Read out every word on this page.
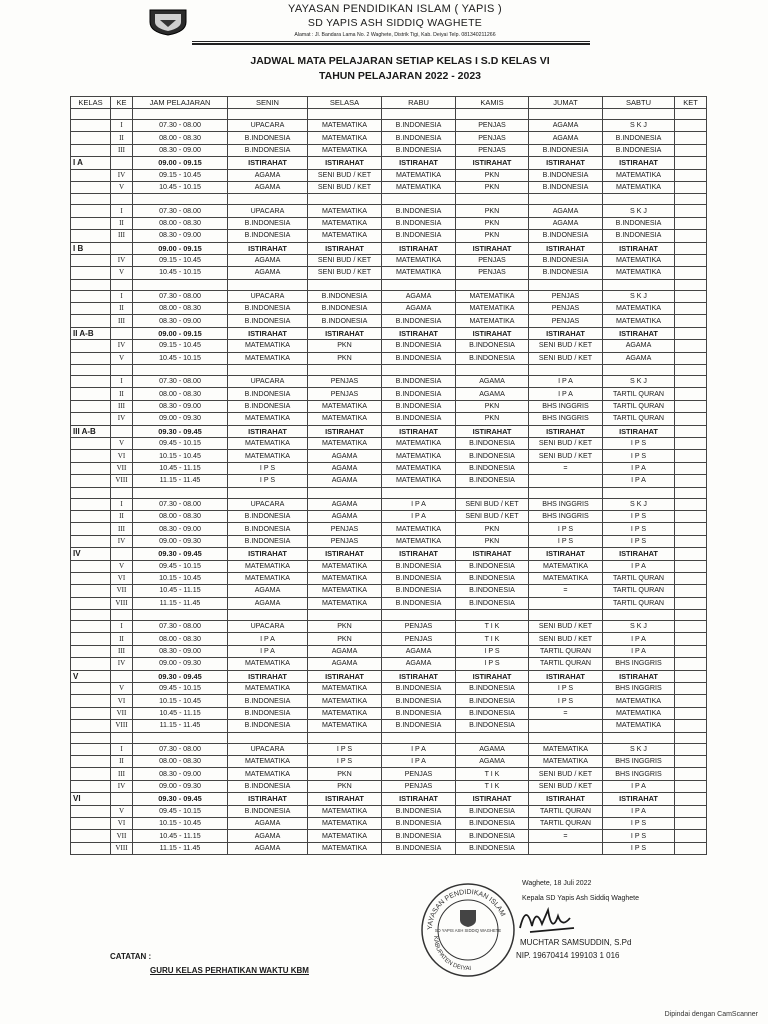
YAYASAN PENDIDIKAN ISLAM ( YAPIS )
SD YAPIS ASH SIDDIQ WAGHETE
Alamat : Jl. Bandara Lama No. 2 Waghete, Distrik Tigi, Kab. Deiyai Telp. 081340211266
JADWAL MATA PELAJARAN SETIAP KELAS I S.D KELAS VI
TAHUN PELAJARAN 2022 - 2023
KELAS	KE	JAM PELAJARAN	SENIN	SELASA	RABU	KAMIS	JUMAT	SABTU	KET

	I	07.30 - 08.00	UPACARA	MATEMATIKA	B.INDONESIA	PENJAS	AGAMA	S K J	
	II	08.00 - 08.30	B.INDONESIA	MATEMATIKA	B.INDONESIA	PENJAS	AGAMA	B.INDONESIA	
	III	08.30 - 09.00	B.INDONESIA	MATEMATIKA	B.INDONESIA	PENJAS	B.INDONESIA	B.INDONESIA	
I A		09.00 - 09.15	ISTIRAHAT	ISTIRAHAT	ISTIRAHAT	ISTIRAHAT	ISTIRAHAT	ISTIRAHAT	
	IV	09.15 - 10.45	AGAMA	SENI BUD / KET	MATEMATIKA	PKN	B.INDONESIA	MATEMATIKA	
	V	10.45 - 10.15	AGAMA	SENI BUD / KET	MATEMATIKA	PKN	B.INDONESIA	MATEMATIKA	

	I	07.30 - 08.00	UPACARA	MATEMATIKA	B.INDONESIA	PKN	AGAMA	S K J	
	II	08.00 - 08.30	B.INDONESIA	MATEMATIKA	B.INDONESIA	PKN	AGAMA	B.INDONESIA	
	III	08.30 - 09.00	B.INDONESIA	MATEMATIKA	B.INDONESIA	PKN	B.INDONESIA	B.INDONESIA	
I B		09.00 - 09.15	ISTIRAHAT	ISTIRAHAT	ISTIRAHAT	ISTIRAHAT	ISTIRAHAT	ISTIRAHAT	
	IV	09.15 - 10.45	AGAMA	SENI BUD / KET	MATEMATIKA	PENJAS	B.INDONESIA	MATEMATIKA	
	V	10.45 - 10.15	AGAMA	SENI BUD / KET	MATEMATIKA	PENJAS	B.INDONESIA	MATEMATIKA	

	I	07.30 - 08.00	UPACARA	B.INDONESIA	AGAMA	MATEMATIKA	PENJAS	S K J	
	II	08.00 - 08.30	B.INDONESIA	B.INDONESIA	AGAMA	MATEMATIKA	PENJAS	MATEMATIKA	
	III	08.30 - 09.00	B.INDONESIA	B.INDONESIA	B.INDONESIA	MATEMATIKA	PENJAS	MATEMATIKA	
II A-B		09.00 - 09.15	ISTIRAHAT	ISTIRAHAT	ISTIRAHAT	ISTIRAHAT	ISTIRAHAT	ISTIRAHAT	
	IV	09.15 - 10.45	MATEMATIKA	PKN	B.INDONESIA	B.INDONESIA	SENI BUD / KET	AGAMA	
	V	10.45 - 10.15	MATEMATIKA	PKN	B.INDONESIA	B.INDONESIA	SENI BUD / KET	AGAMA	

	I	07.30 - 08.00	UPACARA	PENJAS	B.INDONESIA	AGAMA	I P A	S K J	
	II	08.00 - 08.30	B.INDONESIA	PENJAS	B.INDONESIA	AGAMA	I P A	TARTIL QURAN	
	III	08.30 - 09.00	B.INDONESIA	MATEMATIKA	B.INDONESIA	PKN	BHS INGGRIS	TARTIL QURAN	
	IV	09.00 - 09.30	MATEMATIKA	MATEMATIKA	B.INDONESIA	PKN	BHS INGGRIS	TARTIL QURAN	
III A-B		09.30 - 09.45	ISTIRAHAT	ISTIRAHAT	ISTIRAHAT	ISTIRAHAT	ISTIRAHAT	ISTIRAHAT	
	V	09.45 - 10.15	MATEMATIKA	MATEMATIKA	MATEMATIKA	B.INDONESIA	SENI BUD / KET	I P S	
	VI	10.15 - 10.45	MATEMATIKA	AGAMA	MATEMATIKA	B.INDONESIA	SENI BUD / KET	I P S	
	VII	10.45 - 11.15	I P S	AGAMA	MATEMATIKA	B.INDONESIA	=	I P A	
	VIII	11.15 - 11.45	I P S	AGAMA	MATEMATIKA	B.INDONESIA		I P A	

	I	07.30 - 08.00	UPACARA	AGAMA	I P A	SENI BUD / KET	BHS INGGRIS	S K J	
	II	08.00 - 08.30	B.INDONESIA	AGAMA	I P A	SENI BUD / KET	BHS INGGRIS	I P S	
	III	08.30 - 09.00	B.INDONESIA	PENJAS	MATEMATIKA	PKN	I P S	I P S	
	IV	09.00 - 09.30	B.INDONESIA	PENJAS	MATEMATIKA	PKN	I P S	I P S	
IV		09.30 - 09.45	ISTIRAHAT	ISTIRAHAT	ISTIRAHAT	ISTIRAHAT	ISTIRAHAT	ISTIRAHAT	
	V	09.45 - 10.15	MATEMATIKA	MATEMATIKA	B.INDONESIA	B.INDONESIA	MATEMATIKA	I P A	
	VI	10.15 - 10.45	MATEMATIKA	MATEMATIKA	B.INDONESIA	B.INDONESIA	MATEMATIKA	TARTIL QURAN	
	VII	10.45 - 11.15	AGAMA	MATEMATIKA	B.INDONESIA	B.INDONESIA	=	TARTIL QURAN	
	VIII	11.15 - 11.45	AGAMA	MATEMATIKA	B.INDONESIA	B.INDONESIA		TARTIL QURAN	

	I	07.30 - 08.00	UPACARA	PKN	PENJAS	T I K	SENI BUD / KET	S K J	
	II	08.00 - 08.30	I P A	PKN	PENJAS	T I K	SENI BUD / KET	I P A	
	III	08.30 - 09.00	I P A	AGAMA	AGAMA	I P S	TARTIL QURAN	I P A	
	IV	09.00 - 09.30	MATEMATIKA	AGAMA	AGAMA	I P S	TARTIL QURAN	BHS INGGRIS	
V		09.30 - 09.45	ISTIRAHAT	ISTIRAHAT	ISTIRAHAT	ISTIRAHAT	ISTIRAHAT	ISTIRAHAT	
	V	09.45 - 10.15	MATEMATIKA	MATEMATIKA	B.INDONESIA	B.INDONESIA	I P S	BHS INGGRIS	
	VI	10.15 - 10.45	B.INDONESIA	MATEMATIKA	B.INDONESIA	B.INDONESIA	I P S	MATEMATIKA	
	VII	10.45 - 11.15	B.INDONESIA	MATEMATIKA	B.INDONESIA	B.INDONESIA	=	MATEMATIKA	
	VIII	11.15 - 11.45	B.INDONESIA	MATEMATIKA	B.INDONESIA	B.INDONESIA		MATEMATIKA	

	I	07.30 - 08.00	UPACARA	I P S	I P A	AGAMA	MATEMATIKA	S K J	
	II	08.00 - 08.30	MATEMATIKA	I P S	I P A	AGAMA	MATEMATIKA	BHS INGGRIS	
	III	08.30 - 09.00	MATEMATIKA	PKN	PENJAS	T I K	SENI BUD / KET	BHS INGGRIS	
	IV	09.00 - 09.30	B.INDONESIA	PKN	PENJAS	T I K	SENI BUD / KET	I P A	
VI		09.30 - 09.45	ISTIRAHAT	ISTIRAHAT	ISTIRAHAT	ISTIRAHAT	ISTIRAHAT	ISTIRAHAT	
	V	09.45 - 10.15	B.INDONESIA	MATEMATIKA	B.INDONESIA	B.INDONESIA	TARTIL QURAN	I P A	
	VI	10.15 - 10.45	AGAMA	MATEMATIKA	B.INDONESIA	B.INDONESIA	TARTIL QURAN	I P S	
	VII	10.45 - 11.15	AGAMA	MATEMATIKA	B.INDONESIA	B.INDONESIA	=	I P S	
	VIII	11.15 - 11.45	AGAMA	MATEMATIKA	B.INDONESIA	B.INDONESIA		I P S	
Waghete, 18 Juli 2022
Kepala SD Yapis Ash Siddiq Waghete
YAYASAN PENDIDIKAN ISLAM
KABUPATEN DEIYAI
SD YAPIS ASH SIDDIQ WAGHETE
MUCHTAR SAMSUDDIN, S.Pd
NIP. 19670414 199103 1 016
CATATAN :
GURU KELAS PERHATIKAN WAKTU KBM
Dipindai dengan CamScanner
